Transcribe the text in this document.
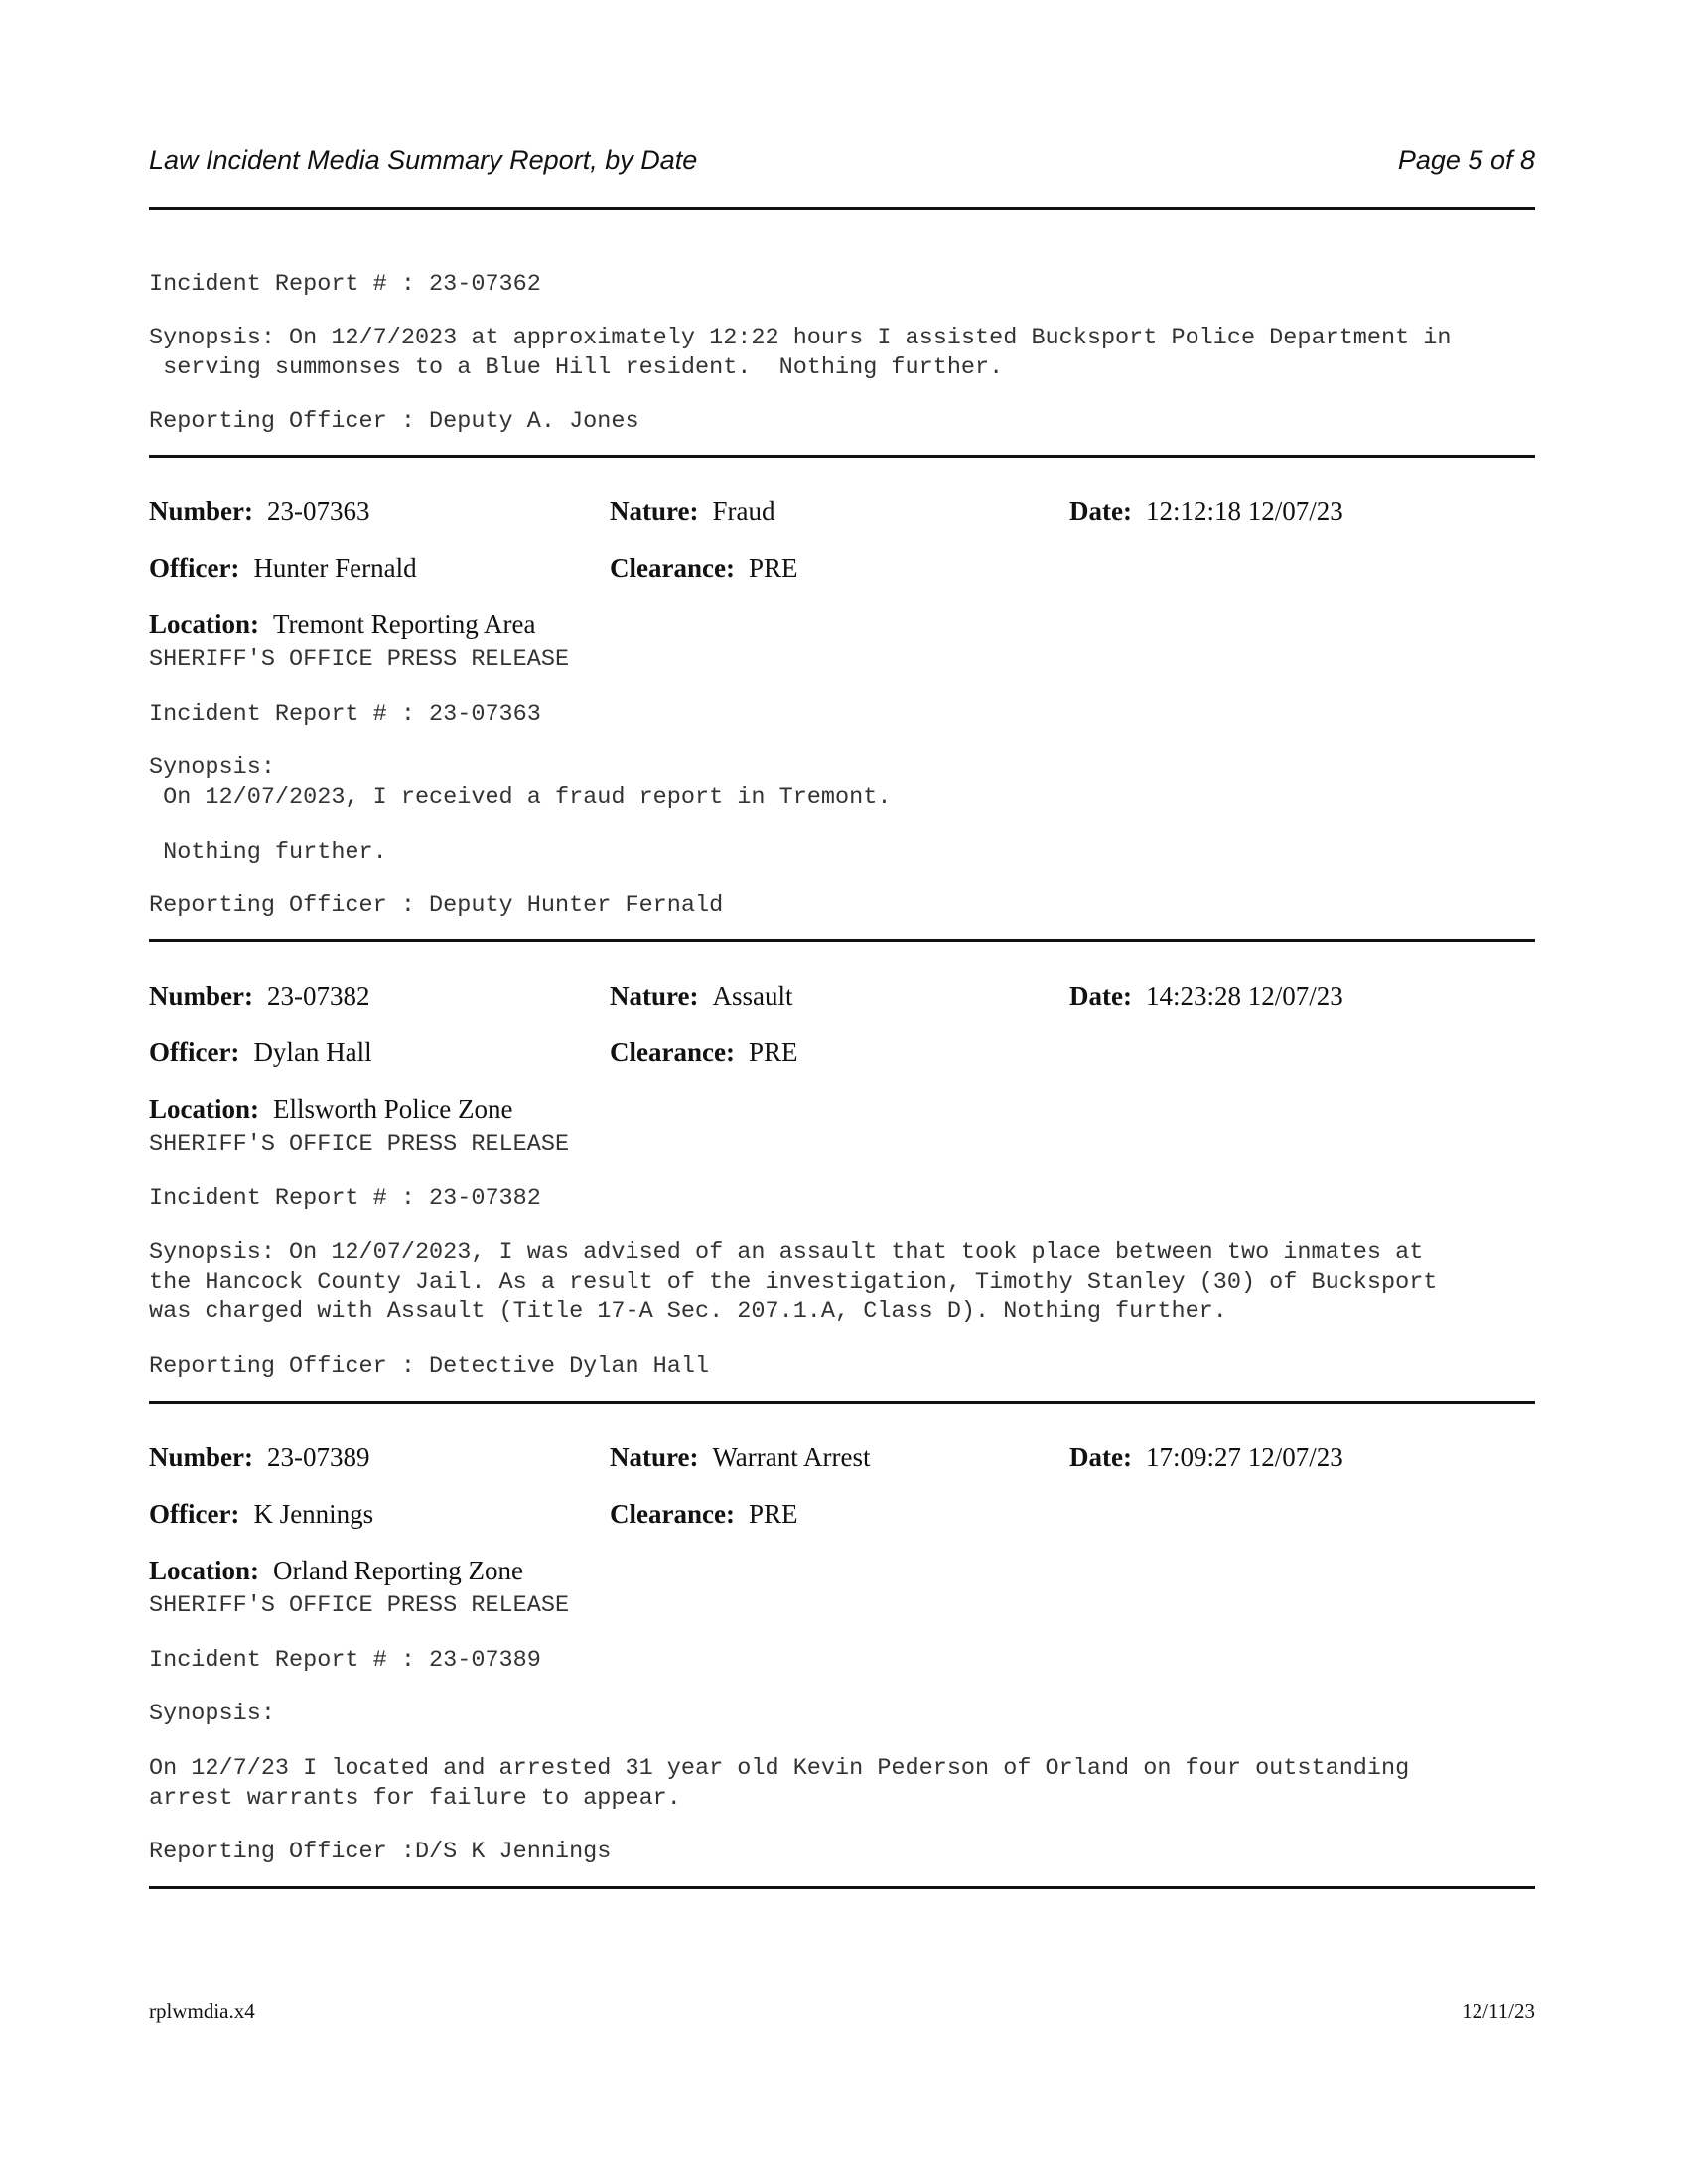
Law Incident Media Summary Report, by Date	Page 5 of 8
Incident Report # : 23-07362
Synopsis: On 12/7/2023 at approximately 12:22 hours I assisted Bucksport Police Department in
serving summonses to a Blue Hill resident.  Nothing further.
Reporting Officer : Deputy A. Jones
Number: 23-07363	Nature: Fraud	Date: 12:12:18 12/07/23
Officer: Hunter Fernald	Clearance: PRE
Location: Tremont Reporting Area
SHERIFF'S OFFICE PRESS RELEASE
Incident Report # : 23-07363
Synopsis:
On 12/07/2023, I received a fraud report in Tremont.
Nothing further.
Reporting Officer : Deputy Hunter Fernald
Number: 23-07382	Nature: Assault	Date: 14:23:28 12/07/23
Officer: Dylan Hall	Clearance: PRE
Location: Ellsworth Police Zone
SHERIFF'S OFFICE PRESS RELEASE
Incident Report # : 23-07382
Synopsis: On 12/07/2023, I was advised of an assault that took place between two inmates at
the Hancock County Jail. As a result of the investigation, Timothy Stanley (30) of Bucksport
was charged with Assault (Title 17-A Sec. 207.1.A, Class D). Nothing further.
Reporting Officer : Detective Dylan Hall
Number: 23-07389	Nature: Warrant Arrest	Date: 17:09:27 12/07/23
Officer: K Jennings	Clearance: PRE
Location: Orland Reporting Zone
SHERIFF'S OFFICE PRESS RELEASE
Incident Report # : 23-07389
Synopsis:
On 12/7/23 I located and arrested 31 year old Kevin Pederson of Orland on four outstanding
arrest warrants for failure to appear.
Reporting Officer :D/S K Jennings
rplwmdia.x4	12/11/23
